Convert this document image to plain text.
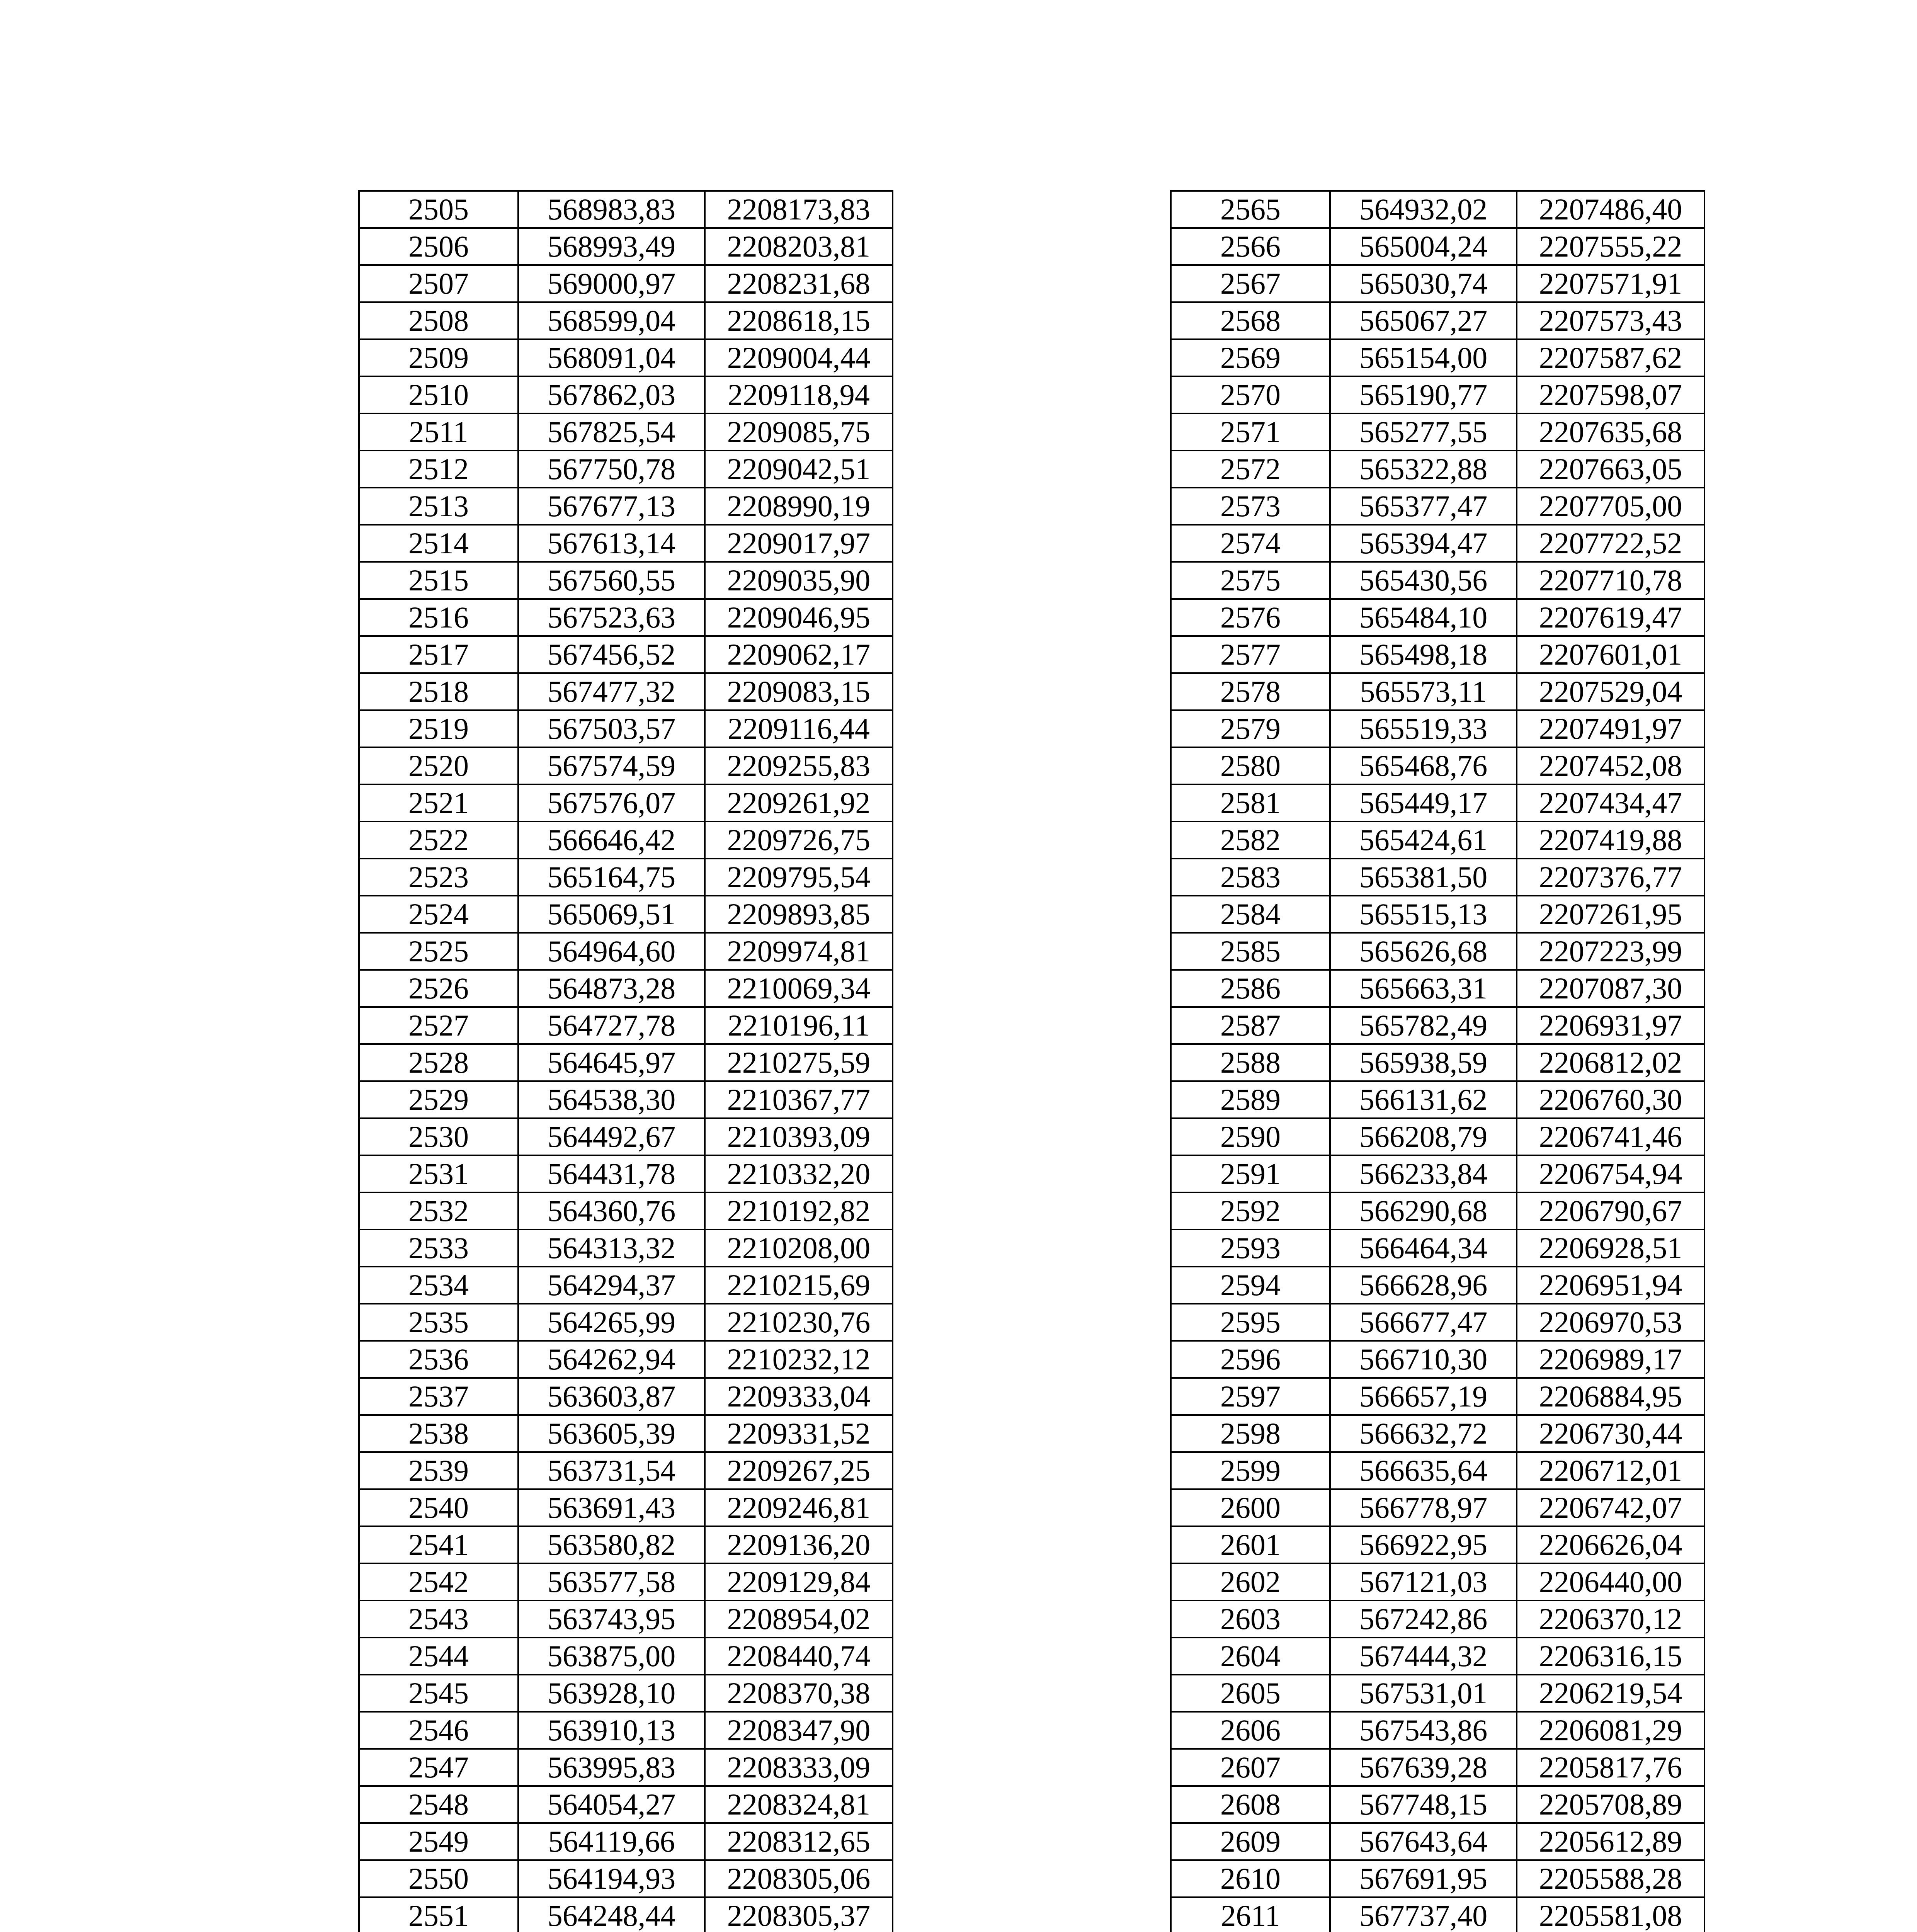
2505	568983,83	2208173,83
2506	568993,49	2208203,81
2507	569000,97	2208231,68
2508	568599,04	2208618,15
2509	568091,04	2209004,44
2510	567862,03	2209118,94
2511	567825,54	2209085,75
2512	567750,78	2209042,51
2513	567677,13	2208990,19
2514	567613,14	2209017,97
2515	567560,55	2209035,90
2516	567523,63	2209046,95
2517	567456,52	2209062,17
2518	567477,32	2209083,15
2519	567503,57	2209116,44
2520	567574,59	2209255,83
2521	567576,07	2209261,92
2522	566646,42	2209726,75
2523	565164,75	2209795,54
2524	565069,51	2209893,85
2525	564964,60	2209974,81
2526	564873,28	2210069,34
2527	564727,78	2210196,11
2528	564645,97	2210275,59
2529	564538,30	2210367,77
2530	564492,67	2210393,09
2531	564431,78	2210332,20
2532	564360,76	2210192,82
2533	564313,32	2210208,00
2534	564294,37	2210215,69
2535	564265,99	2210230,76
2536	564262,94	2210232,12
2537	563603,87	2209333,04
2538	563605,39	2209331,52
2539	563731,54	2209267,25
2540	563691,43	2209246,81
2541	563580,82	2209136,20
2542	563577,58	2209129,84
2543	563743,95	2208954,02
2544	563875,00	2208440,74
2545	563928,10	2208370,38
2546	563910,13	2208347,90
2547	563995,83	2208333,09
2548	564054,27	2208324,81
2549	564119,66	2208312,65
2550	564194,93	2208305,06
2551	564248,44	2208305,37

2565	564932,02	2207486,40
2566	565004,24	2207555,22
2567	565030,74	2207571,91
2568	565067,27	2207573,43
2569	565154,00	2207587,62
2570	565190,77	2207598,07
2571	565277,55	2207635,68
2572	565322,88	2207663,05
2573	565377,47	2207705,00
2574	565394,47	2207722,52
2575	565430,56	2207710,78
2576	565484,10	2207619,47
2577	565498,18	2207601,01
2578	565573,11	2207529,04
2579	565519,33	2207491,97
2580	565468,76	2207452,08
2581	565449,17	2207434,47
2582	565424,61	2207419,88
2583	565381,50	2207376,77
2584	565515,13	2207261,95
2585	565626,68	2207223,99
2586	565663,31	2207087,30
2587	565782,49	2206931,97
2588	565938,59	2206812,02
2589	566131,62	2206760,30
2590	566208,79	2206741,46
2591	566233,84	2206754,94
2592	566290,68	2206790,67
2593	566464,34	2206928,51
2594	566628,96	2206951,94
2595	566677,47	2206970,53
2596	566710,30	2206989,17
2597	566657,19	2206884,95
2598	566632,72	2206730,44
2599	566635,64	2206712,01
2600	566778,97	2206742,07
2601	566922,95	2206626,04
2602	567121,03	2206440,00
2603	567242,86	2206370,12
2604	567444,32	2206316,15
2605	567531,01	2206219,54
2606	567543,86	2206081,29
2607	567639,28	2205817,76
2608	567748,15	2205708,89
2609	567643,64	2205612,89
2610	567691,95	2205588,28
2611	567737,40	2205581,08
